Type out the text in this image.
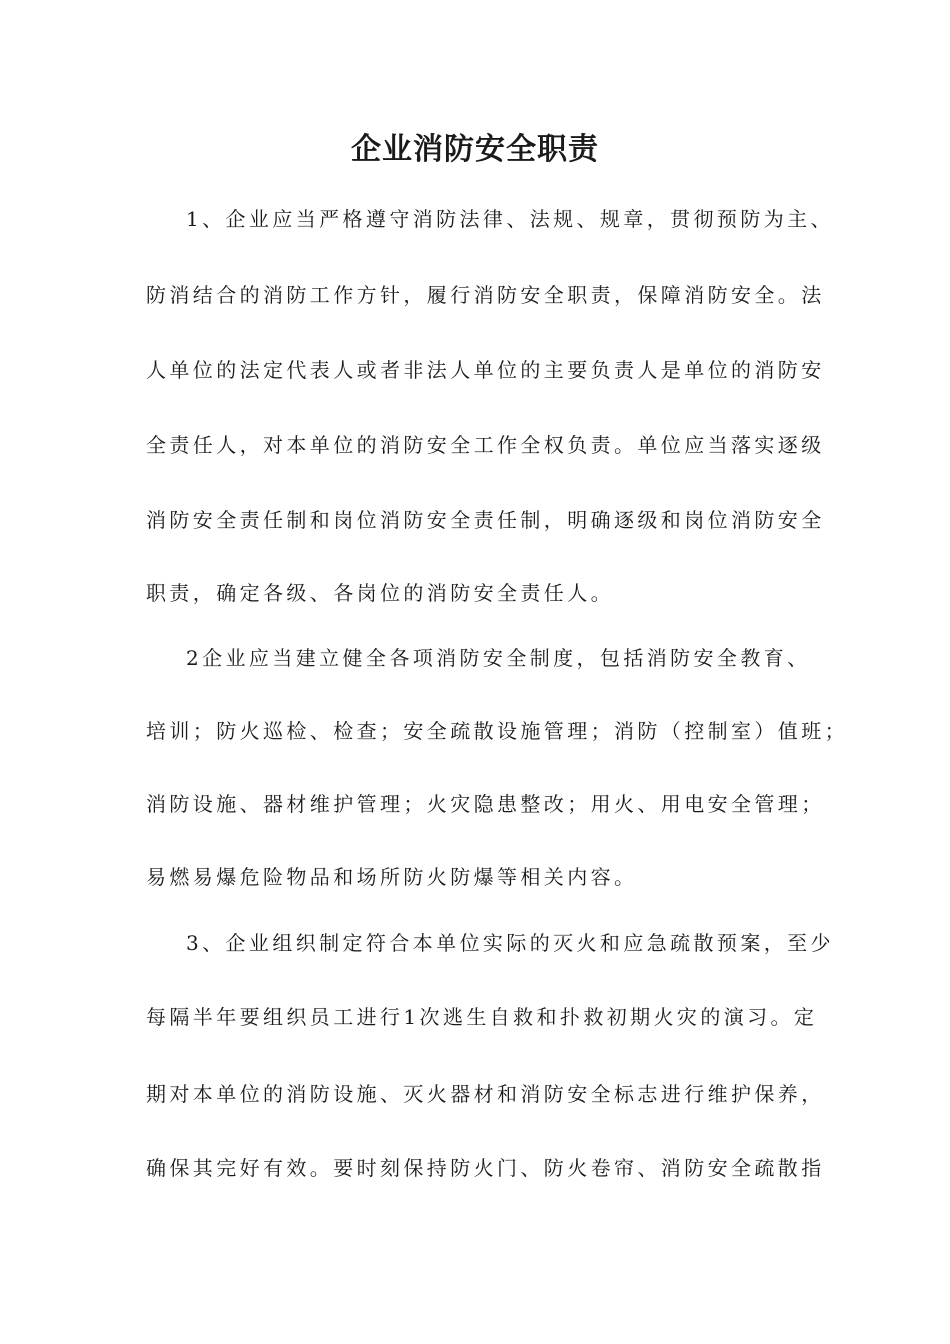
企业消防安全职责
1、企业应当严格遵守消防法律、法规、规章，贯彻预防为主、
防消结合的消防工作方针，履行消防安全职责，保障消防安全。法
人单位的法定代表人或者非法人单位的主要负责人是单位的消防安
全责任人，对本单位的消防安全工作全权负责。单位应当落实逐级
消防安全责任制和岗位消防安全责任制，明确逐级和岗位消防安全
职责，确定各级、各岗位的消防安全责任人。
2企业应当建立健全各项消防安全制度，包括消防安全教育、
培训；防火巡检、检查；安全疏散设施管理；消防（控制室）值班；
消防设施、器材维护管理；火灾隐患整改；用火、用电安全管理；
易燃易爆危险物品和场所防火防爆等相关内容。
3、企业组织制定符合本单位实际的灭火和应急疏散预案，至少
每隔半年要组织员工进行1次逃生自救和扑救初期火灾的演习。定
期对本单位的消防设施、灭火器材和消防安全标志进行维护保养，
确保其完好有效。要时刻保持防火门、防火卷帘、消防安全疏散指
